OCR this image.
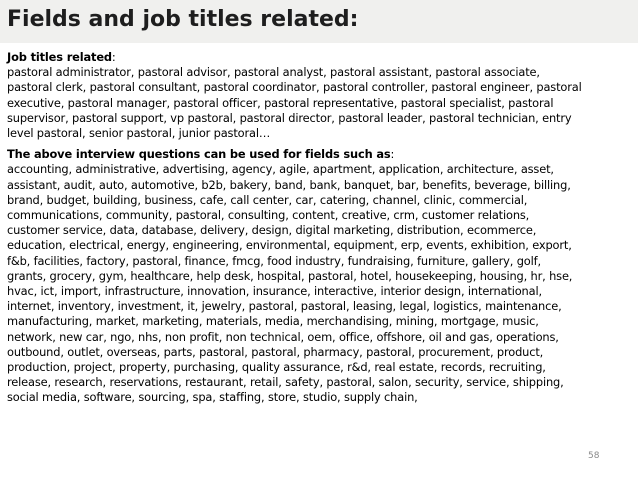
Fields and job titles related:

Job titles related:

pastoral administrator, pastoral advisor, pastoral analyst, pastoral assistant, pastoral associate,
pastoral clerk, pastoral consultant, pastoral coordinator, pastoral controller, pastoral engineer, pastoral
executive, pastoral manager, pastoral officer, pastoral representative, pastoral specialist, pastoral
supervisor, pastoral support, vp pastoral, pastoral director, pastoral leader, pastoral technician, entry
level pastoral, senior pastoral, junior pastoral…

The above interview questions can be used for fields such as:

accounting, administrative, advertising, agency, agile, apartment, application, architecture, asset,
assistant, audit, auto, automotive, b2b, bakery, band, bank, banquet, bar, benefits, beverage, billing,
brand, budget, building, business, cafe, call center, car, catering, channel, clinic, commercial,
communications, community, pastoral, consulting, content, creative, crm, customer relations,
customer service, data, database, delivery, design, digital marketing, distribution, ecommerce,
education, electrical, energy, engineering, environmental, equipment, erp, events, exhibition, export,
f&b, facilities, factory, pastoral, finance, fmcg, food industry, fundraising, furniture, gallery, golf,
grants, grocery, gym, healthcare, help desk, hospital, pastoral, hotel, housekeeping, housing, hr, hse,
hvac, ict, import, infrastructure, innovation, insurance, interactive, interior design, international,
internet, inventory, investment, it, jewelry, pastoral, pastoral, leasing, legal, logistics, maintenance,
manufacturing, market, marketing, materials, media, merchandising, mining, mortgage, music,
network, new car, ngo, nhs, non profit, non technical, oem, office, offshore, oil and gas, operations,
outbound, outlet, overseas, parts, pastoral, pastoral, pharmacy, pastoral, procurement, product,
production, project, property, purchasing, quality assurance, r&d, real estate, records, recruiting,
release, research, reservations, restaurant, retail, safety, pastoral, salon, security, service, shipping,
social media, software, sourcing, spa, staffing, store, studio, supply chain,

58
